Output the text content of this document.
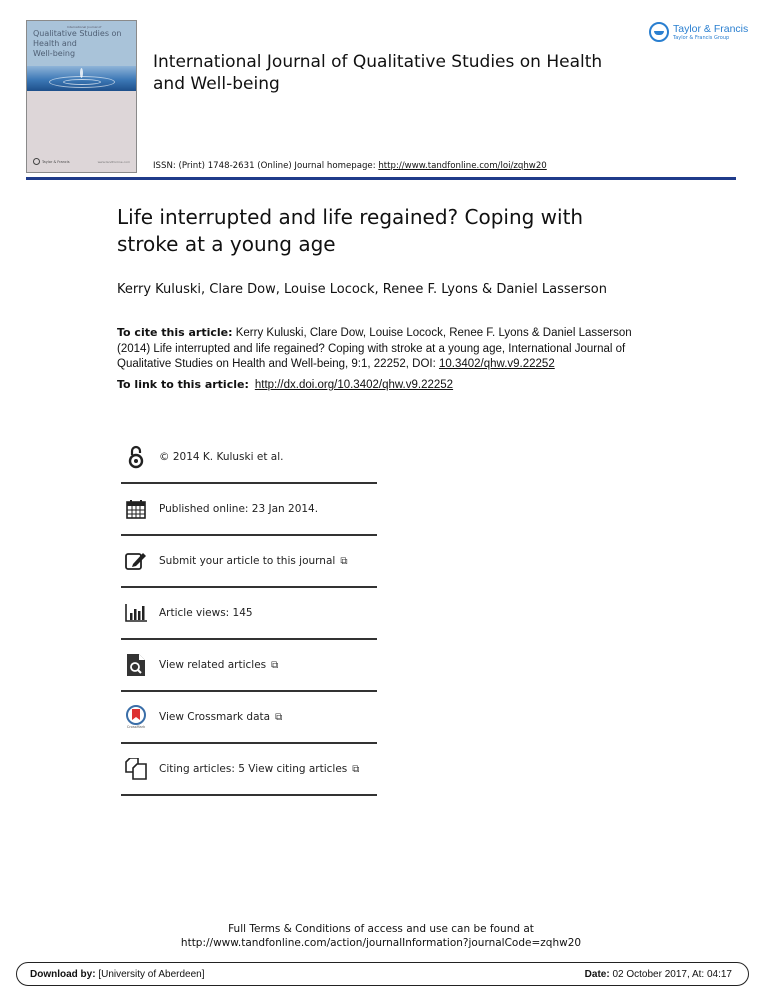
International Journal of
Qualitative Studies on
Health and
Well-being
Taylor & Francis	www.tandfonline.com
Taylor & Francis
Taylor & Francis Group
International Journal of Qualitative Studies on Health and Well-being
ISSN: (Print) 1748-2631 (Online) Journal homepage: http://www.tandfonline.com/loi/zqhw20
Life interrupted and life regained? Coping with stroke at a young age
Kerry Kuluski, Clare Dow, Louise Locock, Renee F. Lyons & Daniel Lasserson
To cite this article: Kerry Kuluski, Clare Dow, Louise Locock, Renee F. Lyons & Daniel Lasserson (2014) Life interrupted and life regained? Coping with stroke at a young age, International Journal of Qualitative Studies on Health and Well-being, 9:1, 22252, DOI: 10.3402/qhw.v9.22252
To link to this article: http://dx.doi.org/10.3402/qhw.v9.22252
© 2014 K. Kuluski et al.
Published online: 23 Jan 2014.
Submit your article to this journal ⧉
Article views: 145
View related articles ⧉
CrossMark
View Crossmark data ⧉
Citing articles: 5 View citing articles ⧉
Full Terms & Conditions of access and use can be found at
http://www.tandfonline.com/action/journalInformation?journalCode=zqhw20
Download by: [University of Aberdeen]	Date: 02 October 2017, At: 04:17
